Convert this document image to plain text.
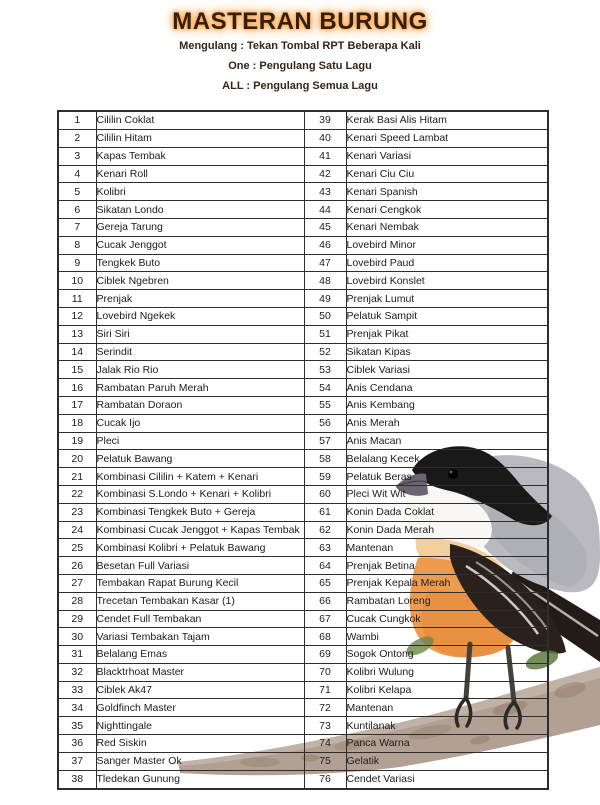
MASTERAN BURUNG
Mengulang : Tekan Tombal RPT Beberapa Kali
One : Pengulang Satu Lagu
ALL : Pengulang Semua Lagu
1	Cililin Coklat	39	Kerak Basi Alis Hitam
2	Cililin Hitam	40	Kenari Speed Lambat
3	Kapas Tembak	41	Kenari Variasi
4	Kenari Roll	42	Kenari Ciu Ciu
5	Kolibri	43	Kenari Spanish
6	Sikatan Londo	44	Kenari Cengkok
7	Gereja Tarung	45	Kenari Nembak
8	Cucak Jenggot	46	Lovebird Minor
9	Tengkek Buto	47	Lovebird Paud
10	Ciblek Ngebren	48	Lovebird Konslet
11	Prenjak	49	Prenjak Lumut
12	Lovebird Ngekek	50	Pelatuk Sampit
13	Siri Siri	51	Prenjak Pikat
14	Serindit	52	Sikatan Kipas
15	Jalak Rio Rio	53	Ciblek Variasi
16	Rambatan Paruh Merah	54	Anis Cendana
17	Rambatan Doraon	55	Anis Kembang
18	Cucak Ijo	56	Anis Merah
19	Pleci	57	Anis Macan
20	Pelatuk Bawang	58	Belalang Kecek
21	Kombinasi Cililin + Katem + Kenari	59	Pelatuk Beras
22	Kombinasi S.Londo + Kenari + Kolibri	60	Pleci Wit Wit
23	Kombinasi Tengkek Buto + Gereja	61	Konin Dada Coklat
24	Kombinasi Cucak Jenggot + Kapas Tembak	62	Konin Dada Merah
25	Kombinasi Kolibri + Pelatuk Bawang	63	Mantenan
26	Besetan Full Variasi	64	Prenjak Betina
27	Tembakan Rapat Burung Kecil	65	Prenjak Kepala Merah
28	Trecetan Tembakan Kasar (1)	66	Rambatan Loreng
29	Cendet Full Tembakan	67	Cucak Cungkok
30	Variasi Tembakan Tajam	68	Wambi
31	Belalang Emas	69	Sogok Ontong
32	Blacktrhoat Master	70	Kolibri Wulung
33	Ciblek Ak47	71	Kolibri Kelapa
34	Goldfinch Master	72	Mantenan
35	Nighttingale	73	Kuntilanak
36	Red Siskin	74	Panca Warna
37	Sanger Master Ok	75	Gelatik
38	Tledekan Gunung	76	Cendet Variasi
